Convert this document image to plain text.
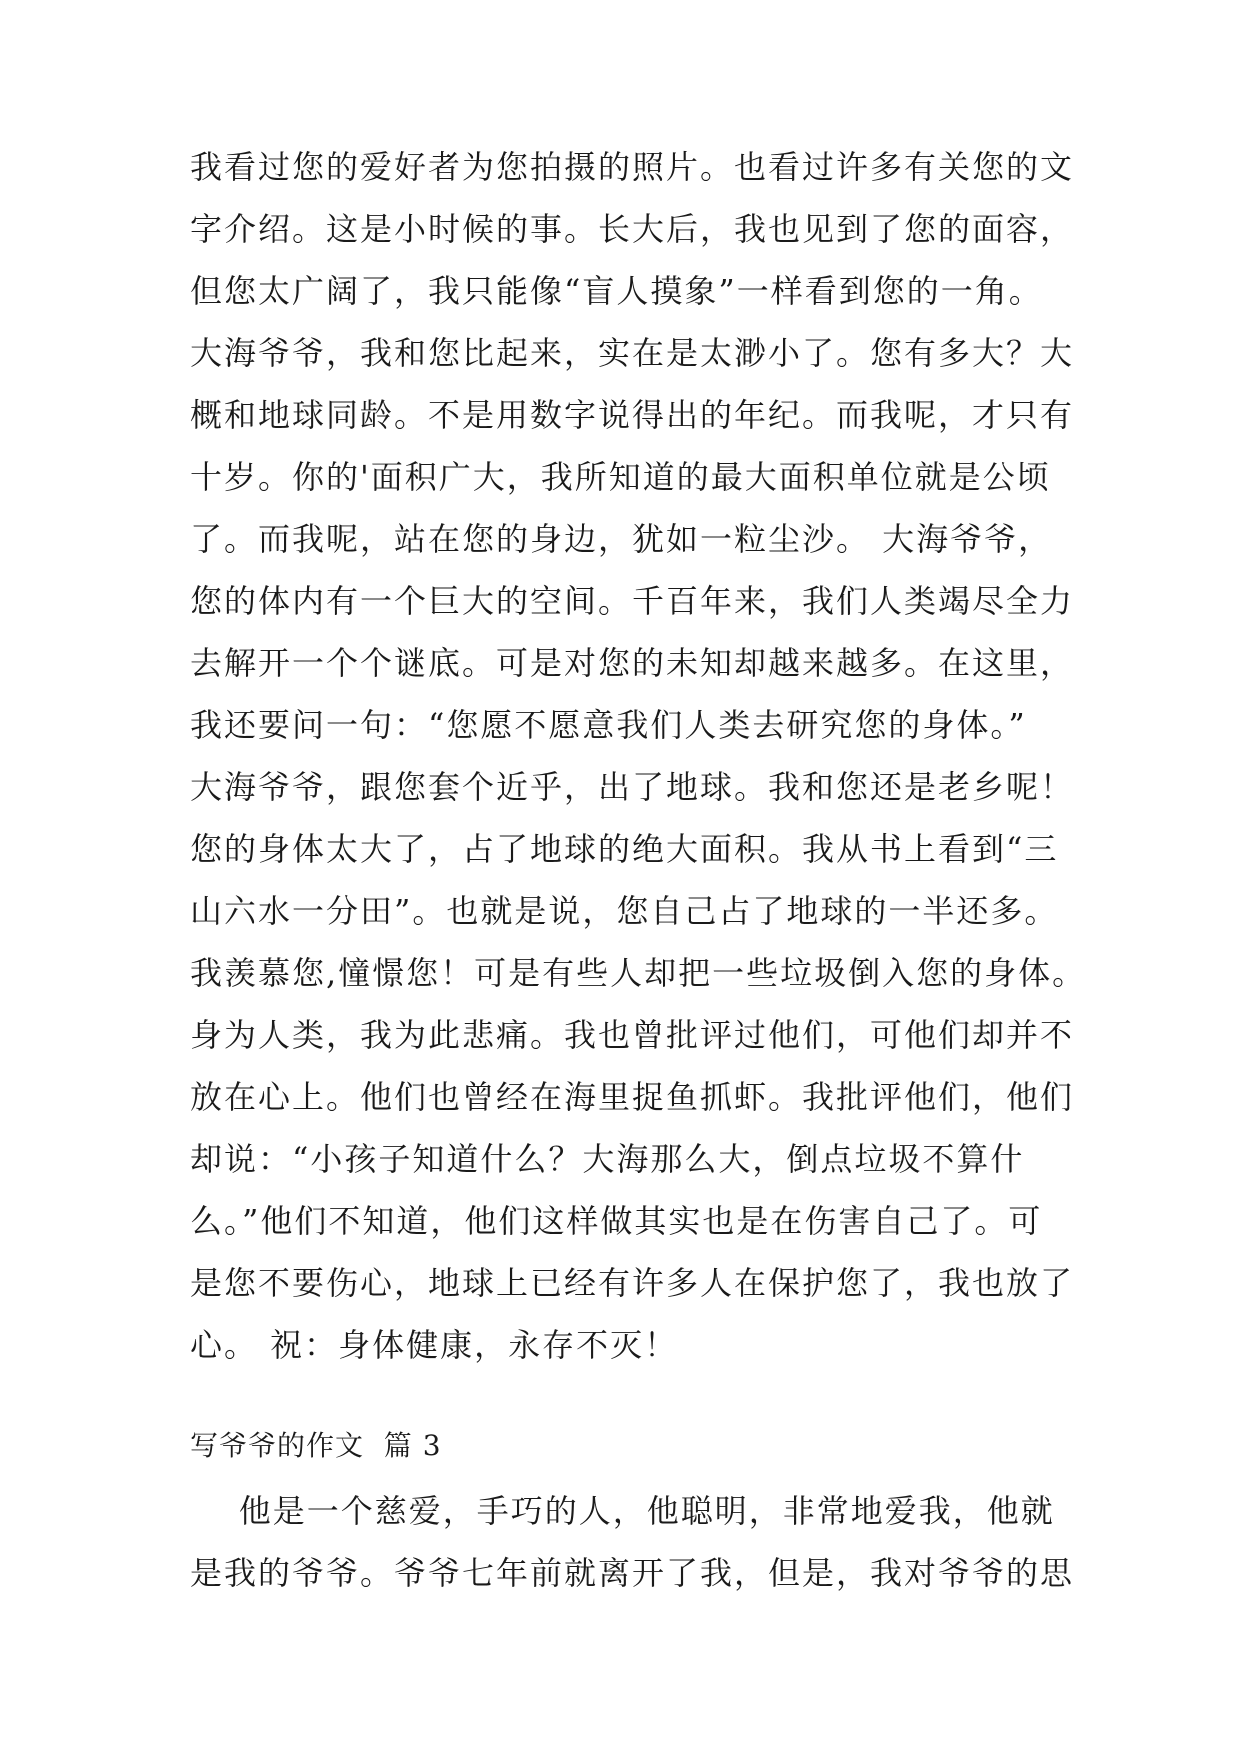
我看过您的爱好者为您拍摄的照片。也看过许多有关您的文
字介绍。这是小时候的事。长大后，我也见到了您的面容，
但您太广阔了，我只能像“盲人摸象”一样看到您的一角。
大海爷爷，我和您比起来，实在是太渺小了。您有多大？大
概和地球同龄。不是用数字说得出的年纪。而我呢，才只有
十岁。你的'面积广大，我所知道的最大面积单位就是公顷
了。而我呢，站在您的身边，犹如一粒尘沙。 大海爷爷，
您的体内有一个巨大的空间。千百年来，我们人类竭尽全力
去解开一个个谜底。可是对您的未知却越来越多。在这里，
我还要问一句：“您愿不愿意我们人类去研究您的身体。”
大海爷爷，跟您套个近乎，出了地球。我和您还是老乡呢！
您的身体太大了，占了地球的绝大面积。我从书上看到“三
山六水一分田”。也就是说，您自己占了地球的一半还多。
我羡慕您,憧憬您！可是有些人却把一些垃圾倒入您的身体。
身为人类，我为此悲痛。我也曾批评过他们，可他们却并不
放在心上。他们也曾经在海里捉鱼抓虾。我批评他们，他们
却说：“小孩子知道什么？大海那么大，倒点垃圾不算什
么。”他们不知道，他们这样做其实也是在伤害自己了。可
是您不要伤心，地球上已经有许多人在保护您了，我也放了
心。 祝：身体健康，永存不灭！
写爷爷的作文  篇 3
他是一个慈爱，手巧的人，他聪明，非常地爱我，他就
是我的爷爷。爷爷七年前就离开了我，但是，我对爷爷的思
